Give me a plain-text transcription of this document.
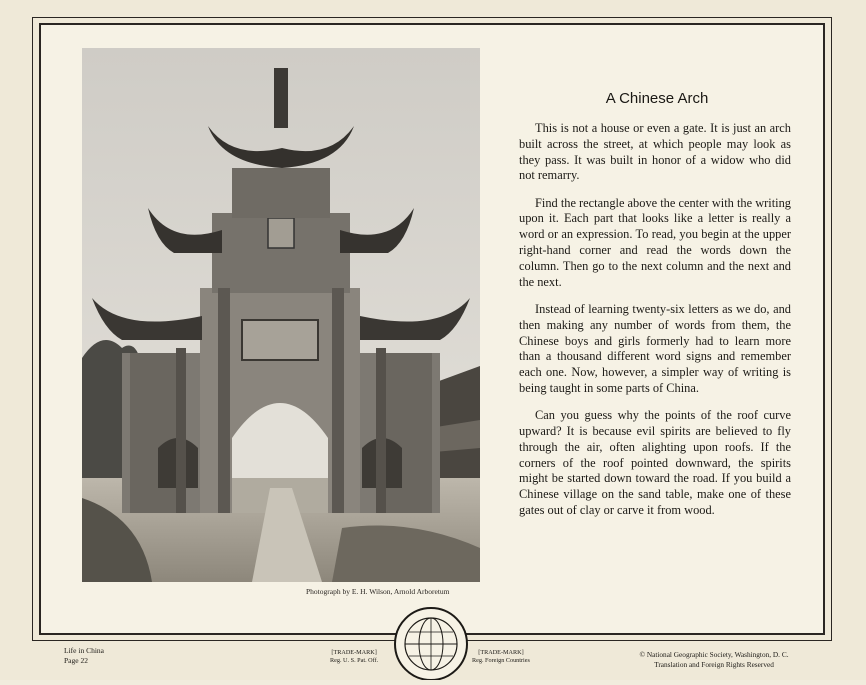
Photograph by E. H. Wilson, Arnold Arboretum
A Chinese Arch

This is not a house or even a gate. It is just an arch built across the street, at which people may look as they pass. It was built in honor of a widow who did not remarry.

Find the rectangle above the center with the writing upon it. Each part that looks like a letter is really a word or an expression. To read, you begin at the upper right-hand corner and read the words down the column. Then go to the next column and the next and the next.

Instead of learning twenty-six letters as we do, and then making any number of words from them, the Chinese boys and girls formerly had to learn more than a thousand different word signs and remember each one. Now, however, a simpler way of writing is being taught in some parts of China.

Can you guess why the points of the roof curve upward? It is because evil spirits are believed to fly through the air, often alighting upon roofs. If the corners of the roof pointed downward, the spirits might be started down toward the road. If you build a Chinese village on the sand table, make one of these gates out of clay or carve it from wood.

Life in China
Page 22
[TRADE-MARK]
Reg. U. S. Pat. Off.
[TRADE-MARK]
Reg. Foreign Countries
© National Geographic Society, Washington, D. C.
Translation and Foreign Rights Reserved
